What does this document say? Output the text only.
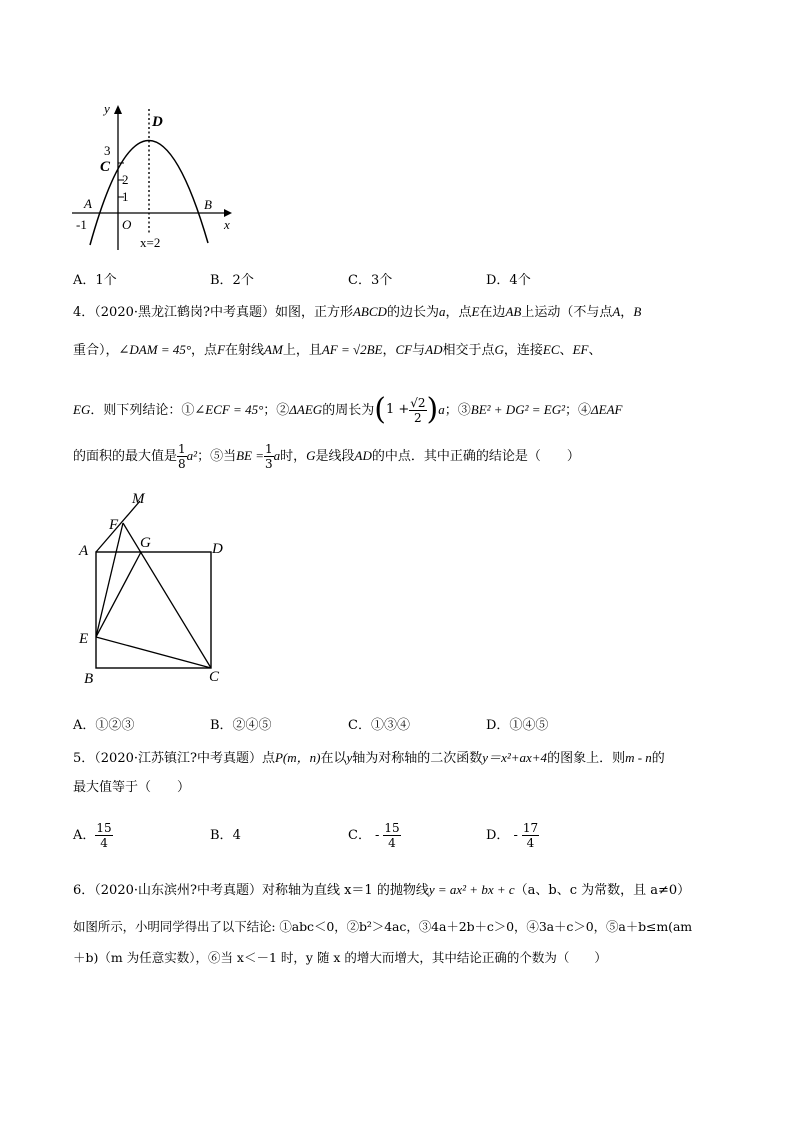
y
x
D
C
A	B
O
3
2
1
-1
x=2
A．1个	B．2个	C．3个	D．4个
4．（2020·黑龙江鹤岗?中考真题）如图，正方形ABCD的边长为a，点E在边AB上运动（不与点A，B
重合），∠DAM = 45°，点F在射线AM上，且AF = √2BE，CF与AD相交于点G，连接EC、EF、
EG．则下列结论：①∠ECF = 45°；②ΔAEG的周长为$(1 + \frac{√2}{2} )a$；③BE² + DG² = EG²；④ΔEAF
的面积的最大值是 $\frac{1}{8} a^2$；⑤当BE = $\frac{1}{3}$ a时，G是线段AD的中点．其中正确的结论是（　　）
M
F
G
A	D
E
B	C
A．①②③	B．②④⑤	C．①③④	D．①④⑤
5．（2020·江苏镇江?中考真题）点P(m，n)在以y轴为对称轴的二次函数y＝x²+ax+4的图象上．则m - n的
最大值等于（　　）
A． $\frac{15}{4}$	B．4	C． - $\frac{15}{4}$	D． - $\frac{17}{4}$
6．（2020·山东滨州?中考真题）对称轴为直线 x＝1 的抛物线y = ax² + bx + c（a、b、c 为常数，且 a≠0）
如图所示，小明同学得出了以下结论: ①abc＜0，②b²＞4ac，③4a＋2b＋c＞0，④3a＋c＞0，⑤a＋b≤m(am
＋b)（m 为任意实数），⑥当 x＜－1 时，y 随 x 的增大而增大，其中结论正确的个数为（　　）
